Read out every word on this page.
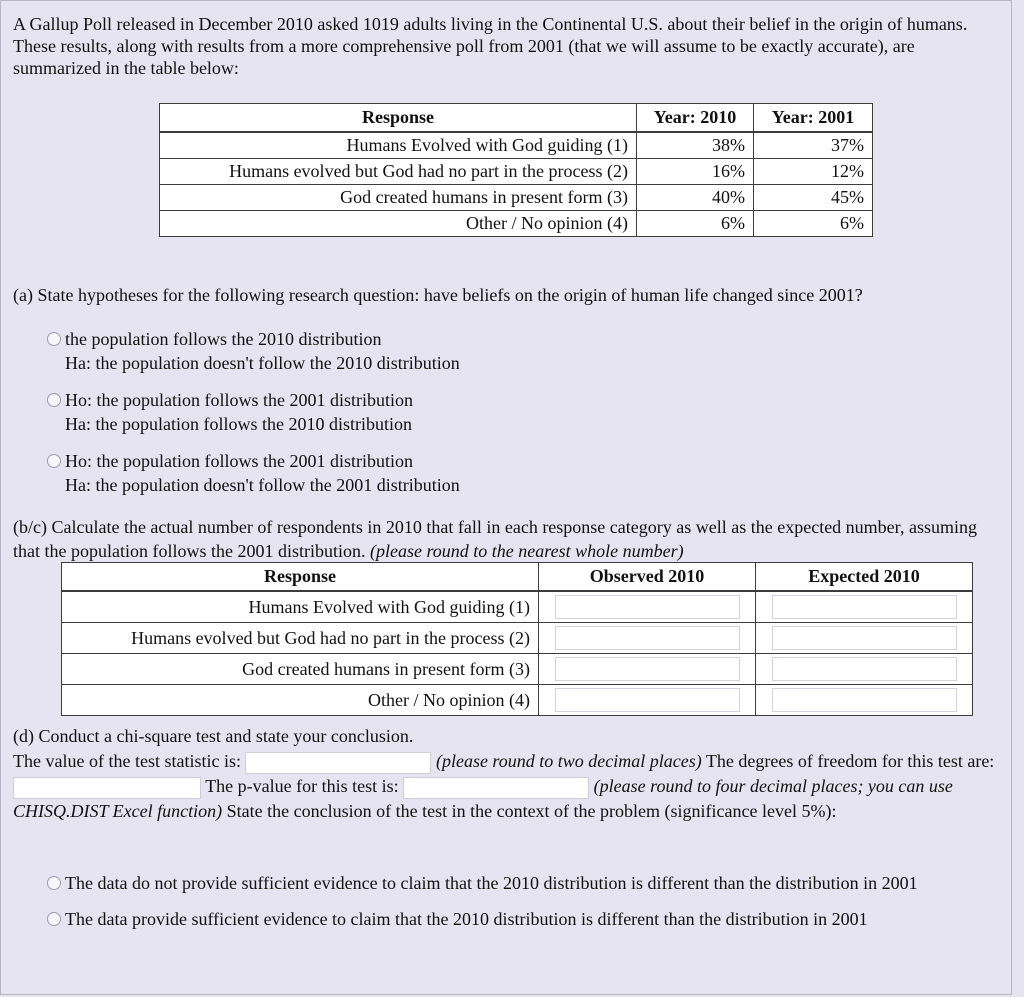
A Gallup Poll released in December 2010 asked 1019 adults living in the Continental U.S. about their belief in the origin of humans. These results, along with results from a more comprehensive poll from 2001 (that we will assume to be exactly accurate), are summarized in the table below:

Response	Year: 2010	Year: 2001
Humans Evolved with God guiding (1)	38%	37%
Humans evolved but God had no part in the process (2)	16%	12%
God created humans in present form (3)	40%	45%
Other / No opinion (4)	6%	6%

(a) State hypotheses for the following research question: have beliefs on the origin of human life changed since 2001?

the population follows the 2010 distribution
Ha: the population doesn't follow the 2010 distribution
Ho: the population follows the 2001 distribution
Ha: the population follows the 2010 distribution
Ho: the population follows the 2001 distribution
Ha: the population doesn't follow the 2001 distribution

(b/c) Calculate the actual number of respondents in 2010 that fall in each response category as well as the expected number, assuming that the population follows the 2001 distribution. (please round to the nearest whole number)

Response	Observed 2010	Expected 2010
Humans Evolved with God guiding (1)	

Humans evolved but God had no part in the process (2)	

God created humans in present form (3)	

Other / No opinion (4)	

(d) Conduct a chi-square test and state your conclusion.
The value of the test statistic is:	(please round to two decimal places) The degrees of freedom for this test are:  The p-value for this test is:	(please round to four decimal places; you can use CHISQ.DIST Excel function) State the conclusion of the test in the context of the problem (significance level 5%):
The data do not provide sufficient evidence to claim that the 2010 distribution is different than the distribution in 2001
The data provide sufficient evidence to claim that the 2010 distribution is different than the distribution in 2001
